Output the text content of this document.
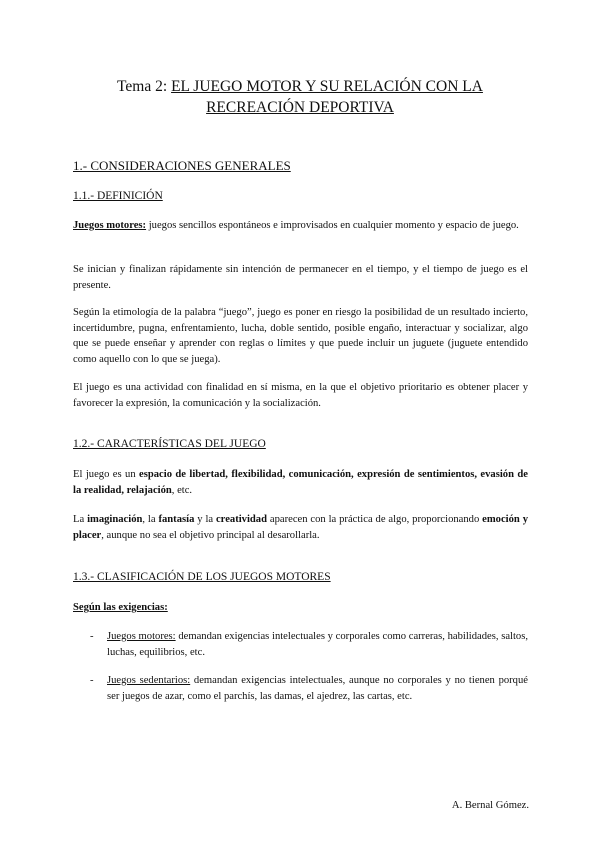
Tema 2: EL JUEGO MOTOR Y SU RELACIÓN CON LA
RECREACIÓN DEPORTIVA
1.- CONSIDERACIONES GENERALES
1.1.- DEFINICIÓN

Juegos motores: juegos sencillos espontáneos e improvisados en cualquier momento y espacio de juego.

Se inician y finalizan rápidamente sin intención de permanecer en el tiempo, y el tiempo de juego es el presente.

Según la etimología de la palabra “juego”, juego es poner en riesgo la posibilidad de un resultado incierto, incertidumbre, pugna, enfrentamiento, lucha, doble sentido, posible engaño, interactuar y socializar, algo que se puede enseñar y aprender con reglas o límites y que puede incluir un juguete (juguete entendido como aquello con lo que se juega).

El juego es una actividad con finalidad en sí misma, en la que el objetivo prioritario es obtener placer y favorecer la expresión, la comunicación y la socialización.

1.2.- CARACTERÍSTICAS DEL JUEGO

El juego es un espacio de libertad, flexibilidad, comunicación, expresión de sentimientos, evasión de la realidad, relajación, etc.

La imaginación, la fantasía y la creatividad aparecen con la práctica de algo, proporcionando emoción y placer, aunque no sea el objetivo principal al desarollarla.

1.3.- CLASIFICACIÓN DE LOS JUEGOS MOTORES
Según las exigencias:
- Juegos motores: demandan exigencias intelectuales y corporales como carreras, habilidades, saltos, luchas, equilibrios, etc.
- Juegos sedentarios: demandan exigencias intelectuales, aunque no corporales y no tienen porqué ser juegos de azar, como el parchís, las damas, el ajedrez, las cartas, etc.
A. Bernal Gómez.
